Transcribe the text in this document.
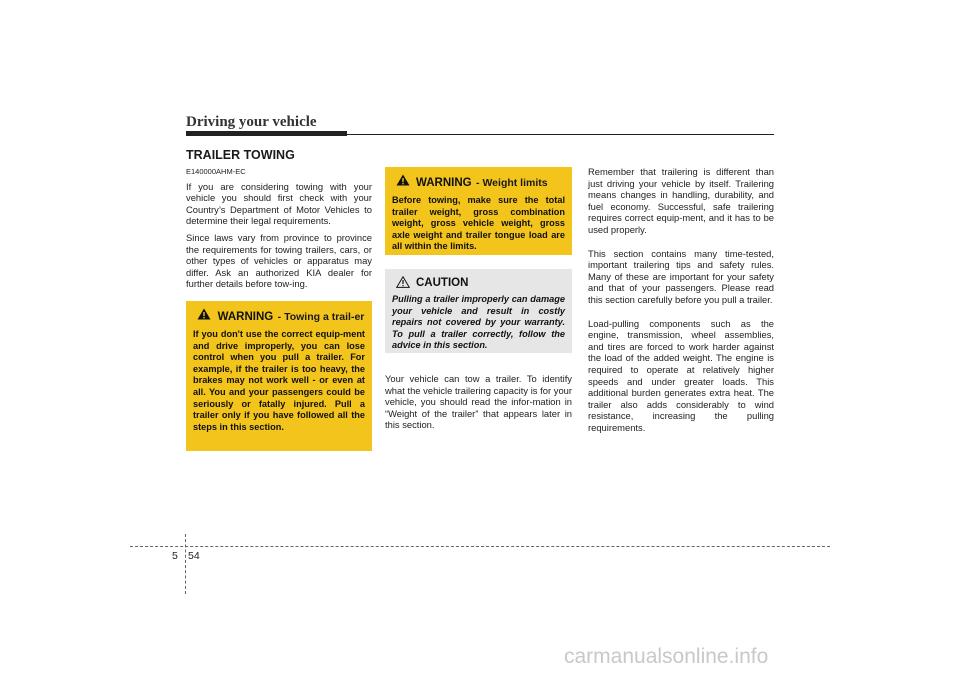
Driving your vehicle
TRAILER TOWING
E140000AHM-EC

If you are considering towing with your vehicle you should first check with your Country’s Department of Motor Vehicles to determine their legal requirements.

Since laws vary from province to province the requirements for towing trailers, cars, or other types of vehicles or apparatus may differ. Ask an authorized KIA dealer for further details before tow-ing.

WARNING - Towing a trail-er
If you don't use the correct equip-ment and drive improperly, you can lose control when you pull a trailer. For example, if the trailer is too heavy, the brakes may not work well - or even at all. You and your passengers could be seriously or fatally injured. Pull a trailer only if you have followed all the steps in this section.
WARNING - Weight limits
Before towing, make sure the total trailer weight, gross combination weight, gross vehicle weight, gross axle weight and trailer tongue load are all within the limits.
CAUTION
Pulling a trailer improperly can damage your vehicle and result in costly repairs not covered by your warranty. To pull a trailer correctly, follow the advice in this section.

Your vehicle can tow a trailer. To identify what the vehicle trailering capacity is for your vehicle, you should read the infor-mation in “Weight of the trailer” that appears later in this section.

Remember that trailering is different than just driving your vehicle by itself. Trailering means changes in handling, durability, and fuel economy. Successful, safe trailering requires correct equip-ment, and it has to be used properly.

This section contains many time-tested, important trailering tips and safety rules. Many of these are important for your safety and that of your passengers. Please read this section carefully before you pull a trailer.

Load-pulling components such as the engine, transmission, wheel assemblies, and tires are forced to work harder against the load of the added weight. The engine is required to operate at relatively higher speeds and under greater loads. This additional burden generates extra heat. The trailer also adds considerably to wind resistance, increasing the pulling requirements.

5 54
carmanualsonline.info
